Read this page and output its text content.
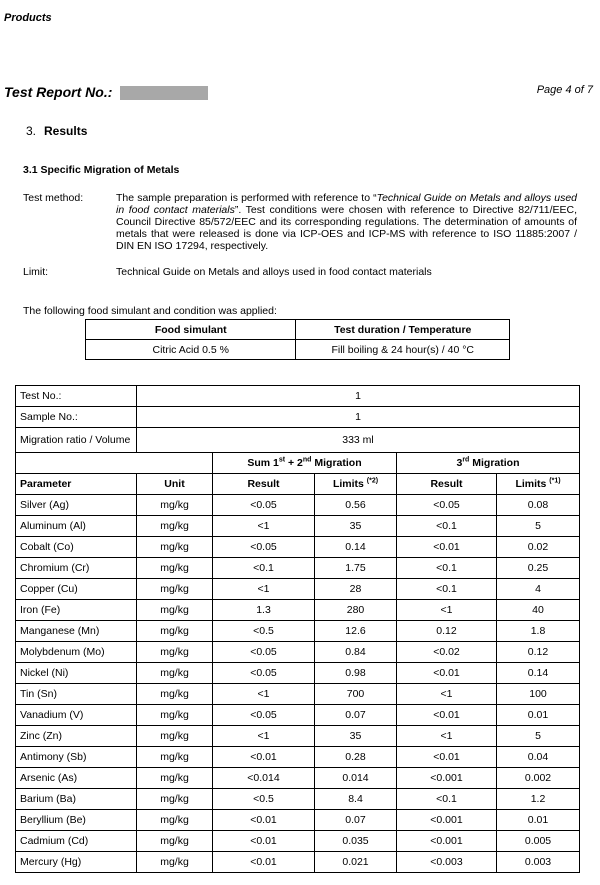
Products
Test Report No.:	Page 4 of 7
3. Results
3.1 Specific Migration of Metals
Test method:	The sample preparation is performed with reference to “Technical Guide on Metals and alloys used in food contact materials”. Test conditions were chosen with reference to Directive 82/711/EEC, Council Directive 85/572/EEC and its corresponding regulations. The determination of amounts of metals that were released is done via ICP-OES and ICP-MS with reference to ISO 11885:2007 / DIN EN ISO 17294, respectively.
Limit:	Technical Guide on Metals and alloys used in food contact materials
The following food simulant and condition was applied:
Food simulant	Test duration / Temperature
Citric Acid 0.5 %	Fill boiling & 24 hour(s) / 40 °C
Test No.:	1				
Sample No.:	1				
Migration ratio / Volume	333 ml				
		Sum 1st + 2nd Migration		3rd Migration	
Parameter	Unit	Result	Limits $^{(*2)}$	Result	Limits $^{(*1)}$
Silver (Ag)	mg/kg	<0.05	0.56	<0.05	0.08
Aluminum (Al)	mg/kg	<1	35	<0.1	5
Cobalt (Co)	mg/kg	<0.05	0.14	<0.01	0.02
Chromium (Cr)	mg/kg	<0.1	1.75	<0.1	0.25
Copper (Cu)	mg/kg	<1	28	<0.1	4
Iron (Fe)	mg/kg	1.3	280	<1	40
Manganese (Mn)	mg/kg	<0.5	12.6	0.12	1.8
Molybdenum (Mo)	mg/kg	<0.05	0.84	<0.02	0.12
Nickel (Ni)	mg/kg	<0.05	0.98	<0.01	0.14
Tin (Sn)	mg/kg	<1	700	<1	100
Vanadium (V)	mg/kg	<0.05	0.07	<0.01	0.01
Zinc (Zn)	mg/kg	<1	35	<1	5
Antimony (Sb)	mg/kg	<0.01	0.28	<0.01	0.04
Arsenic (As)	mg/kg	<0.014	0.014	<0.001	0.002
Barium (Ba)	mg/kg	<0.5	8.4	<0.1	1.2
Beryllium (Be)	mg/kg	<0.01	0.07	<0.001	0.01
Cadmium (Cd)	mg/kg	<0.01	0.035	<0.001	0.005
Mercury (Hg)	mg/kg	<0.01	0.021	<0.003	0.003
